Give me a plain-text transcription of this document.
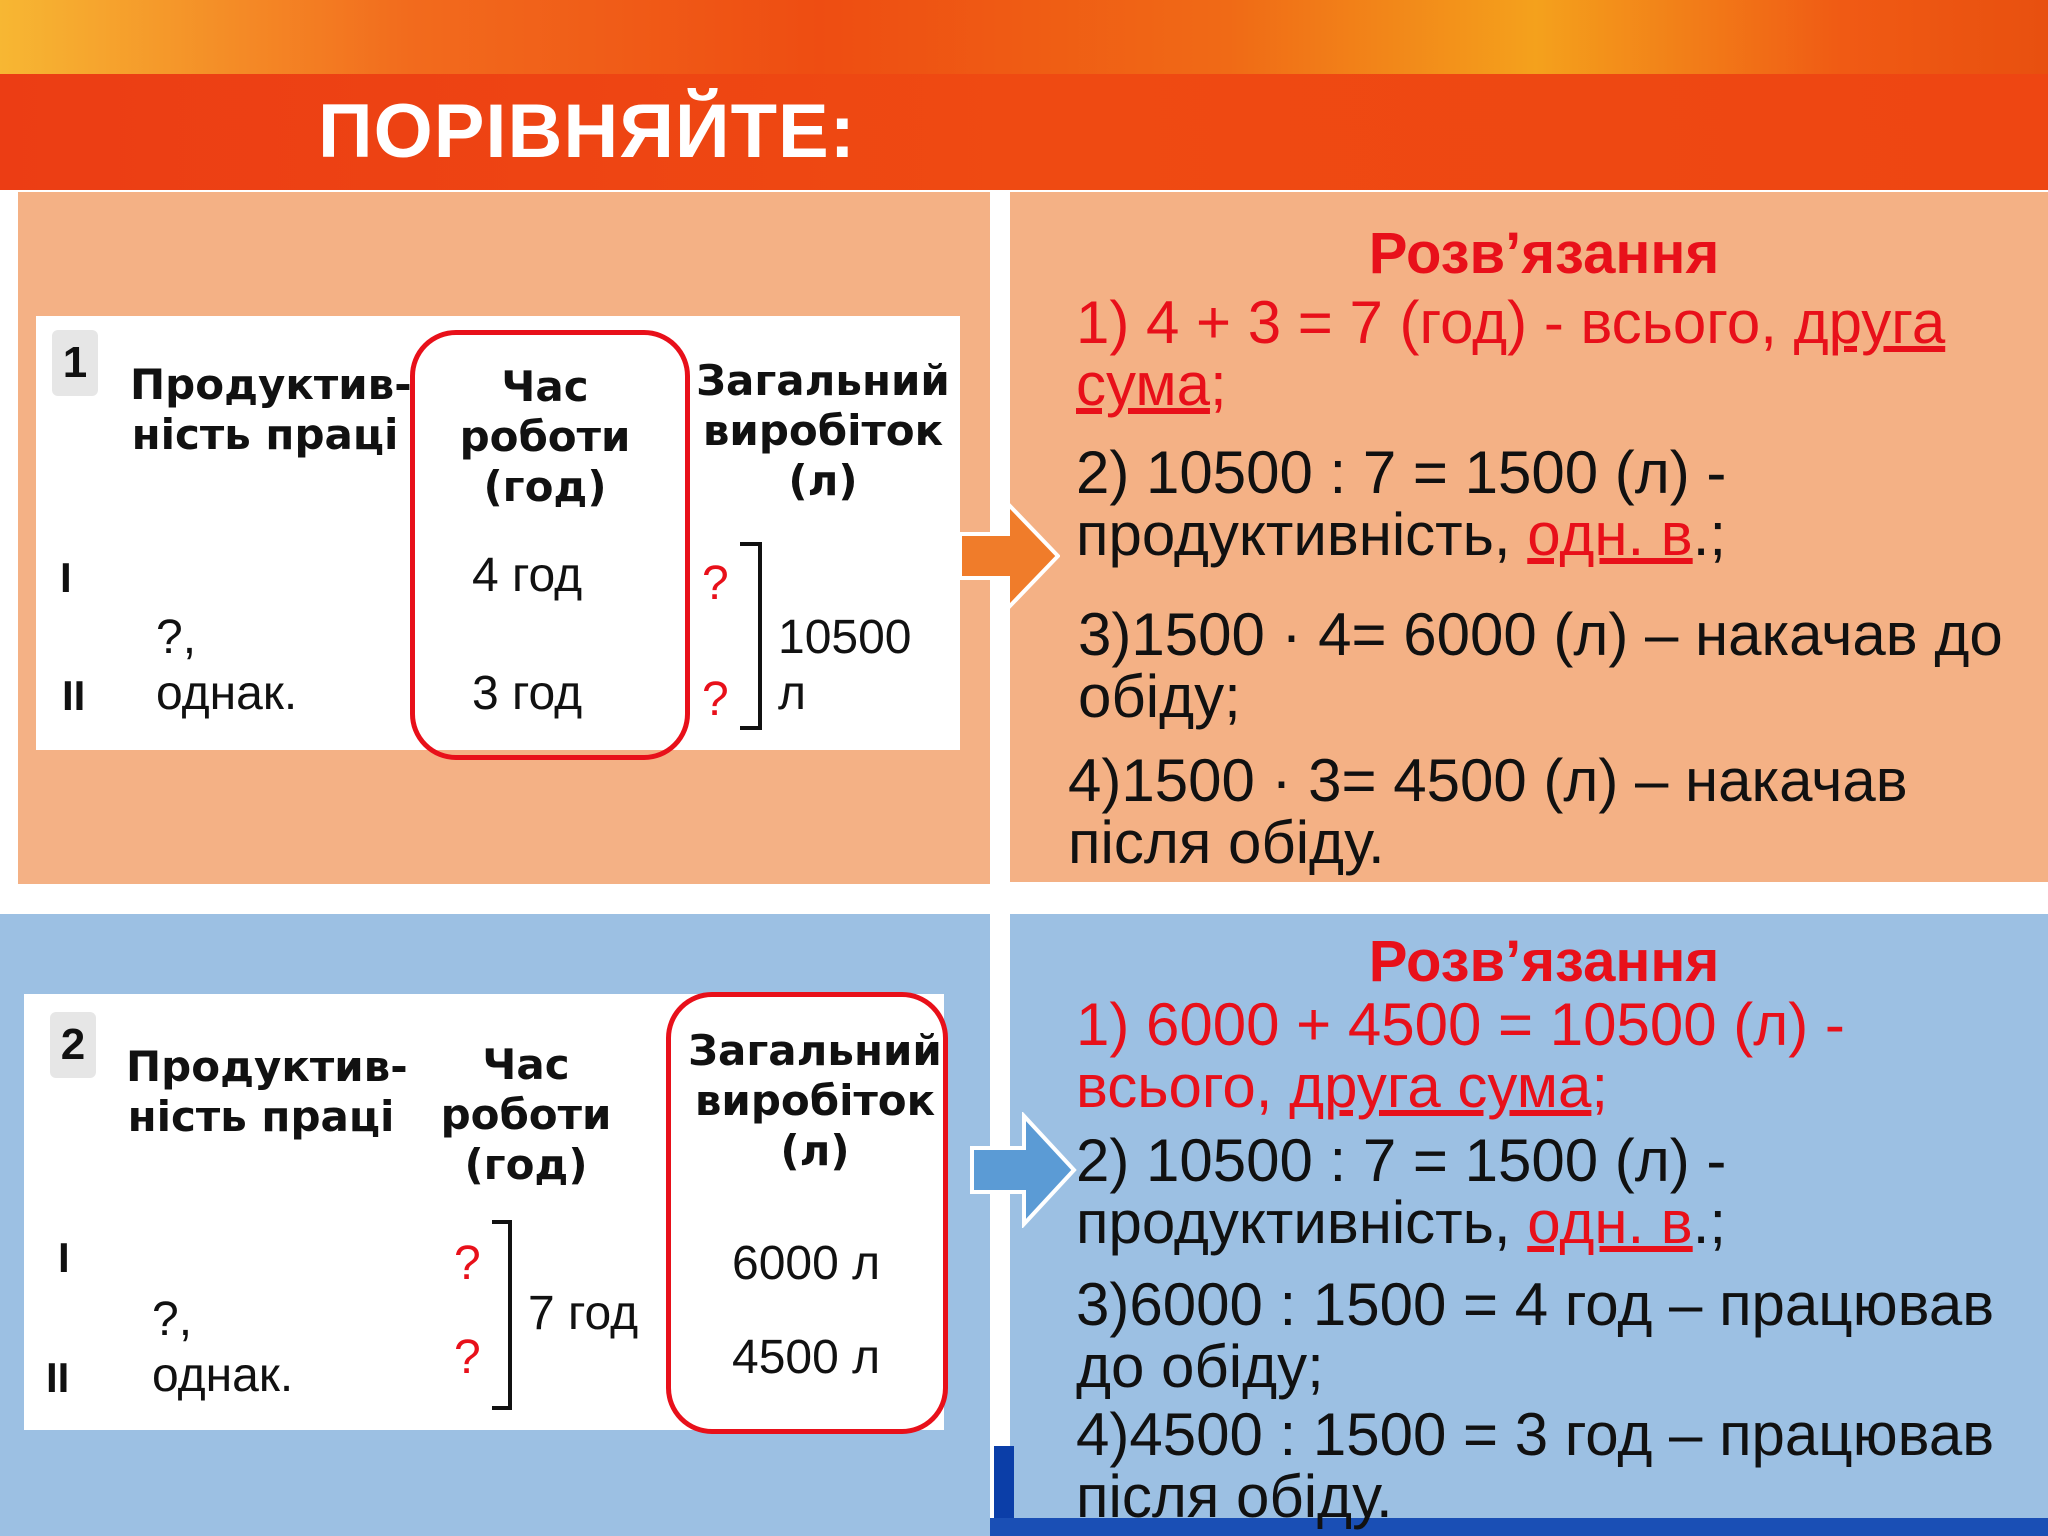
ПОРІВНЯЙТЕ:
1 Продуктив-
ність праці
Час
роботи
(год)
Загальний
виробіток
(л)
І
ІІ
?,
однак.
4 год
3 год
?
?
10500
л
Розв’язання
1) 4 + 3 = 7 (год) - всього, друга
сума;
2) 10500 : 7 = 1500 (л) -
продуктивність, одн. в.;
3)1500 · 4= 6000 (л) – накачав до
обіду;
4)1500 · 3= 4500 (л) – накачав
після обіду.
2 Продуктив-
ність праці
Час
роботи
(год)
Загальний
виробіток
(л)
І
ІІ
?,
однак.
?
?
7 год
6000 л
4500 л
Розв’язання
1) 6000 + 4500 = 10500 (л) -
всього, друга сума;
2) 10500 : 7 = 1500 (л) -
продуктивність, одн. в.;
3)6000 : 1500 = 4 год – працював
до обіду;
4)4500 : 1500 = 3 год – працював
після обіду.
